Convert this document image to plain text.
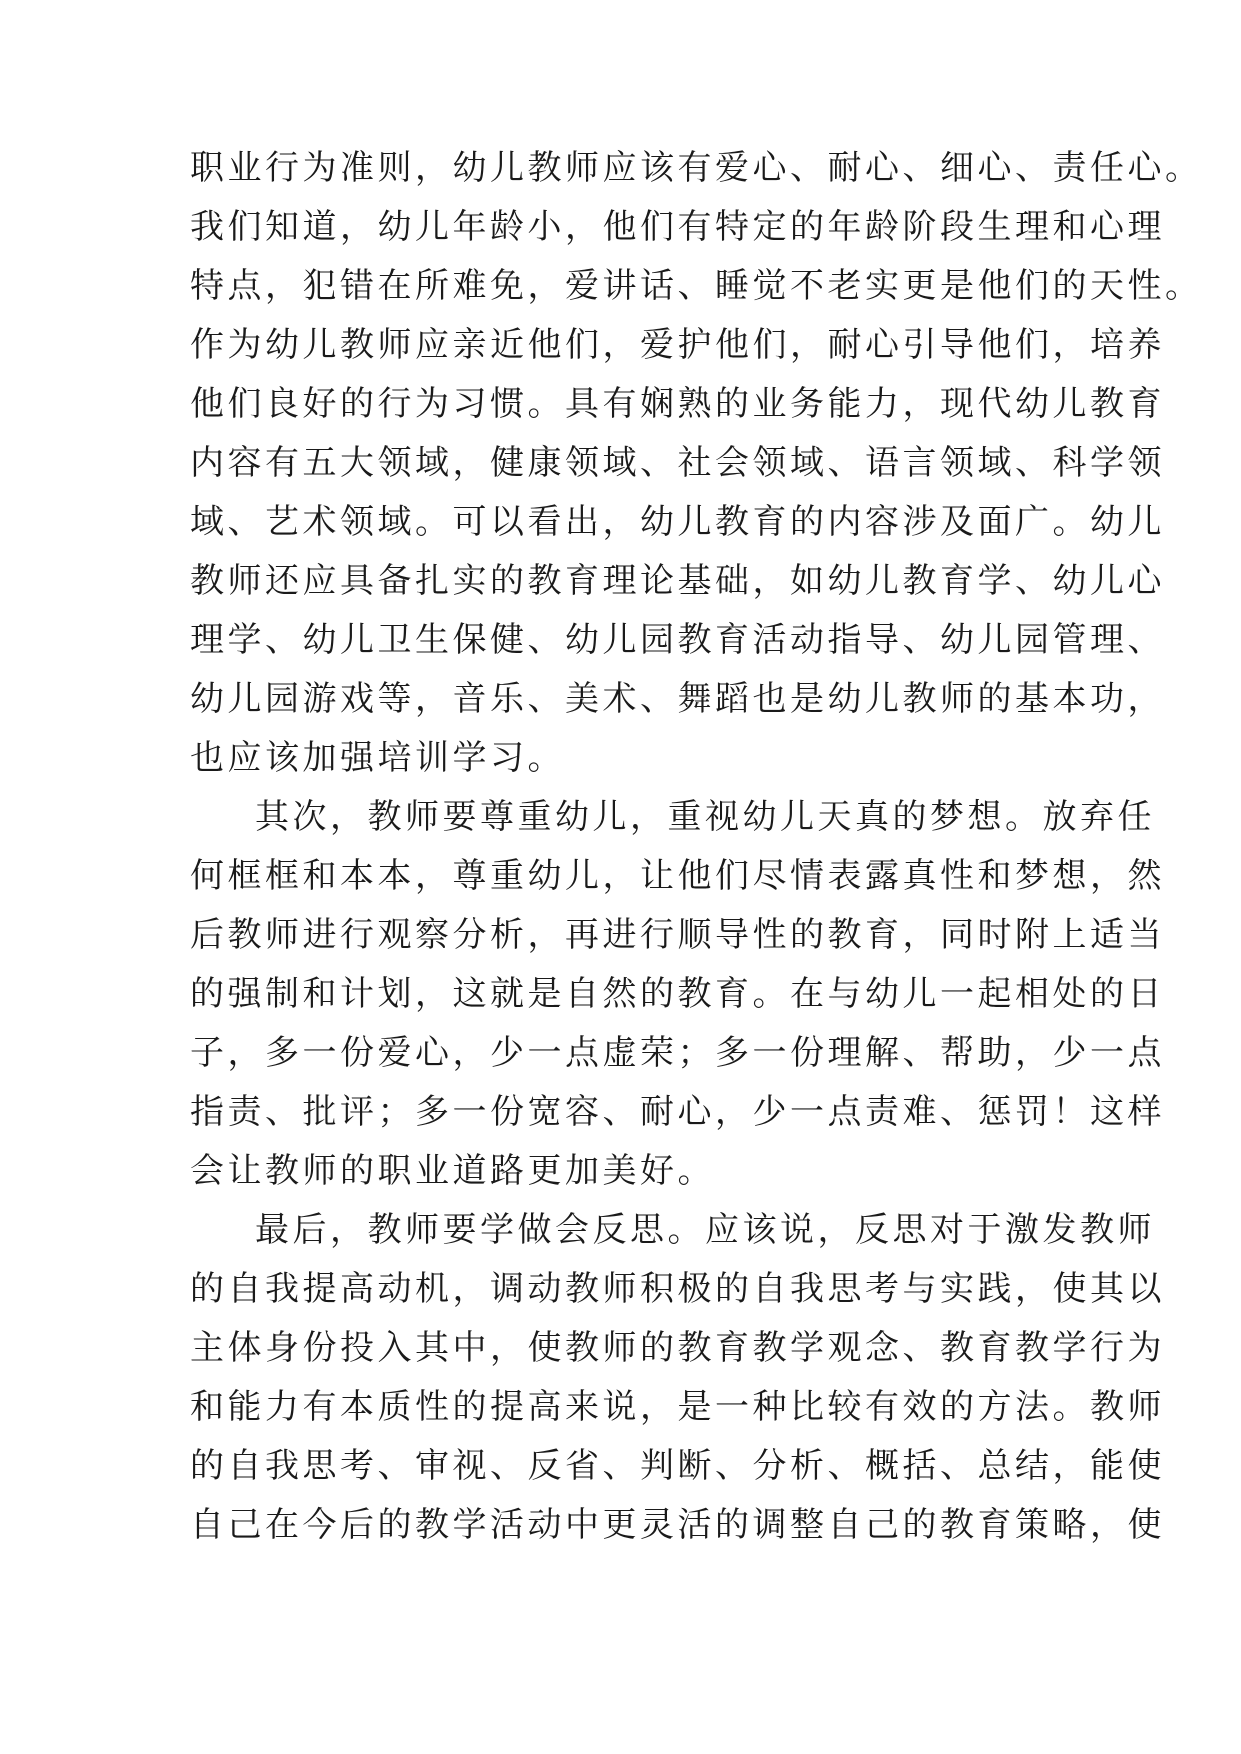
职业行为准则，幼儿教师应该有爱心、耐心、细心、责任心。
我们知道，幼儿年龄小，他们有特定的年龄阶段生理和心理
特点，犯错在所难免，爱讲话、睡觉不老实更是他们的天性。
作为幼儿教师应亲近他们，爱护他们，耐心引导他们，培养
他们良好的行为习惯。具有娴熟的业务能力，现代幼儿教育
内容有五大领域，健康领域、社会领域、语言领域、科学领
域、艺术领域。可以看出，幼儿教育的内容涉及面广。幼儿
教师还应具备扎实的教育理论基础，如幼儿教育学、幼儿心
理学、幼儿卫生保健、幼儿园教育活动指导、幼儿园管理、
幼儿园游戏等，音乐、美术、舞蹈也是幼儿教师的基本功，
也应该加强培训学习。
其次，教师要尊重幼儿，重视幼儿天真的梦想。放弃任
何框框和本本，尊重幼儿，让他们尽情表露真性和梦想，然
后教师进行观察分析，再进行顺导性的教育，同时附上适当
的强制和计划，这就是自然的教育。在与幼儿一起相处的日
子，多一份爱心，少一点虚荣；多一份理解、帮助，少一点
指责、批评；多一份宽容、耐心，少一点责难、惩罚！这样
会让教师的职业道路更加美好。
最后，教师要学做会反思。应该说，反思对于激发教师
的自我提高动机，调动教师积极的自我思考与实践，使其以
主体身份投入其中，使教师的教育教学观念、教育教学行为
和能力有本质性的提高来说，是一种比较有效的方法。教师
的自我思考、审视、反省、判断、分析、概括、总结，能使
自己在今后的教学活动中更灵活的调整自己的教育策略，使
